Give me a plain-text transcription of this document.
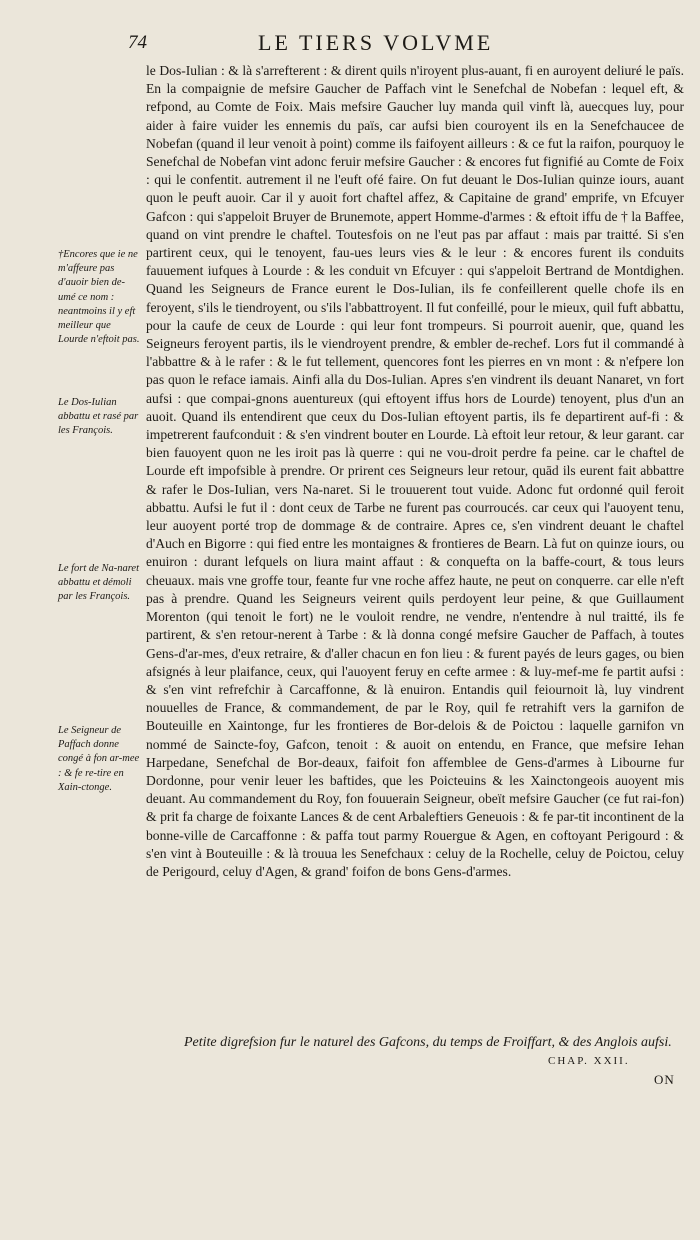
74	LE TIERS VOLVME

le Dos-Iulian : & là s'arrefterent : & dirent quils n'iroyent plus-auant, fi en auroyent deliuré le païs. En la compaignie de mefsire Gaucher de Paffach vint le Senefchal de Nobefan : lequel eft, & refpond, au Comte de Foix. Mais mefsire Gaucher luy manda quil vinft là, auecques luy, pour aider à faire vuider les ennemis du païs, car aufsi bien couroyent ils en la Senefchaucee de Nobefan (quand il leur venoit à point) comme ils faifoyent ailleurs : & ce fut la raifon, pourquoy le Senefchal de Nobefan vint adonc feruir mefsire Gaucher : & encores fut fignifié au Comte de Foix : qui le confentit. autrement il ne l'euft ofé faire. On fut deuant le Dos-Iulian quinze iours, auant quon le peuft auoir. Car il y auoit fort chaftel affez, & Capitaine de grand' emprife, vn Efcuyer Gafcon : qui s'appeloit Bruyer de Brunemote, appert Homme-d'armes : & eftoit iffu de † la Baffee, quand on vint prendre le chaftel. Toutesfois on ne l'eut pas par affaut : mais par traitté. Si s'en partirent ceux, qui le tenoyent, fau-ues leurs vies & le leur : & encores furent ils conduits fauuement iufques à Lourde : & les conduit vn Efcuyer : qui s'appeloit Bertrand de Montdighen. Quand les Seigneurs de France eurent le Dos-Iulian, ils fe confeillerent quelle chofe ils en feroyent, s'ils le tiendroyent, ou s'ils l'abbattroyent. Il fut confeillé, pour le mieux, quil fuft abbattu, pour la caufe de ceux de Lourde : qui leur font trompeurs. Si pourroit auenir, que, quand les Seigneurs feroyent partis, ils le viendroyent prendre, & embler de-rechef. Lors fut il commandé à l'abbattre & à le rafer : & le fut tellement, quencores font les pierres en vn mont : & n'efpere lon pas quon le reface iamais. Ainfi alla du Dos-Iulian. Apres s'en vindrent ils deuant Nanaret, vn fort aufsi : que compai-gnons auentureux (qui eftoyent iffus hors de Lourde) tenoyent, plus d'un an auoit. Quand ils entendirent que ceux du Dos-Iulian eftoyent partis, ils fe departirent auf-fi : & impetrerent faufconduit : & s'en vindrent bouter en Lourde. Là eftoit leur retour, & leur garant. car bien fauoyent quon ne les iroit pas là querre : qui ne vou-droit perdre fa peine. car le chaftel de Lourde eft impofsible à prendre. Or prirent ces Seigneurs leur retour, quād ils eurent fait abbattre & rafer le Dos-Iulian, vers Na-naret. Si le trouuerent tout vuide. Adonc fut ordonné quil feroit abbattu. Aufsi le fut il : dont ceux de Tarbe ne furent pas courroucés. car ceux qui l'auoyent tenu, leur auoyent porté trop de dommage & de contraire. Apres ce, s'en vindrent deuant le chaftel d'Auch en Bigorre : qui fied entre les montaignes & frontieres de Bearn. Là fut on quinze iours, ou enuiron : durant lefquels on liura maint affaut : & conquefta on la baffe-court, & tous leurs cheuaux. mais vne groffe tour, feante fur vne roche affez haute, ne peut on conquerre. car elle n'eft pas à prendre. Quand les Seigneurs veirent quils perdoyent leur peine, & que Guillaument Morenton (qui tenoit le fort) ne le vouloit rendre, ne vendre, n'entendre à nul traitté, ils fe partirent, & s'en retour-nerent à Tarbe : & là donna congé mefsire Gaucher de Paffach, à toutes Gens-d'ar-mes, d'eux retraire, & d'aller chacun en fon lieu : & furent payés de leurs gages, ou bien afsignés à leur plaifance, ceux, qui l'auoyent feruy en cefte armee : & luy-mef-me fe partit aufsi : & s'en vint refrefchir à Carcaffonne, & là enuiron. Entandis quil feiournoit là, luy vindrent nouuelles de France, & commandement, de par le Roy, quil fe retrahift vers la garnifon de Bouteuille en Xaintonge, fur les frontieres de Bor-delois & de Poictou : laquelle garnifon vn nommé de Saincte-foy, Gafcon, tenoit : & auoit on entendu, en France, que mefsire Iehan Harpedane, Senefchal de Bor-deaux, faifoit fon affemblee de Gens-d'armes à Libourne fur Dordonne, pour venir leuer les baftides, que les Poicteuins & les Xainctongeois auoyent mis deuant. Au commandement du Roy, fon fouuerain Seigneur, obeït mefsire Gaucher (ce fut rai-fon) & prit fa charge de foixante Lances & de cent Arbaleftiers Geneuois : & fe par-tit incontinent de la bonne-ville de Carcaffonne : & paffa tout parmy Rouergue & Agen, en coftoyant Perigourd : & s'en vint à Bouteuille : & là trouua les Senefchaux : celuy de la Rochelle, celuy de Poictou, celuy de Perigourd, celuy d'Agen, & grand' foifon de bons Gens-d'armes.

†Encores que ie ne m'affeure pas d'auoir bien de-umé ce nom : neantmoins il y eft meilleur que Lourde n'eftoit pas.
Le Dos-Iulian abbattu et rasé par les François.
Le fort de Na-naret abbattu et démoli par les François.
Le Seigneur de Paffach donne congé à fon ar-mee : & fe re-tire en Xain-ctonge.
Petite digrefsion fur le naturel des Gafcons, du temps de Froiffart, & des Anglois aufsi.
CHAP. XXII.
ON
